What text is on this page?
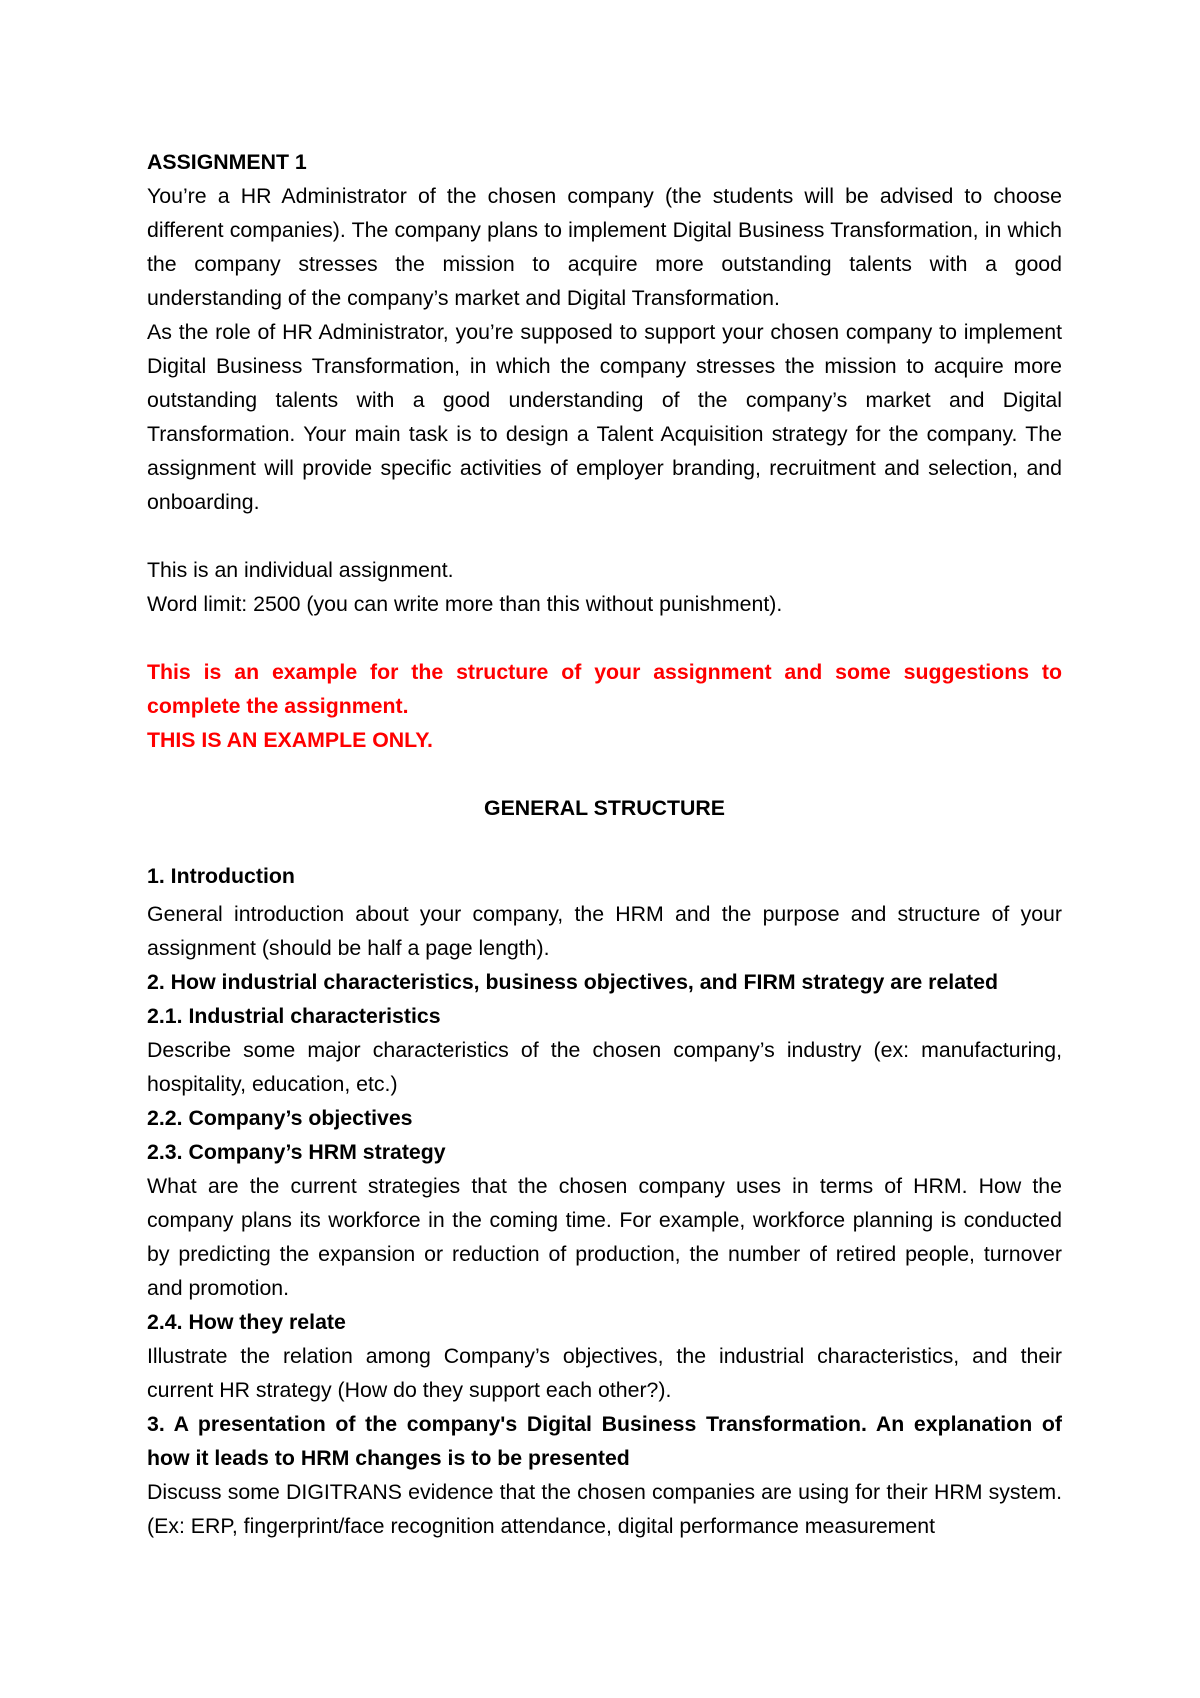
ASSIGNMENT 1

You’re a HR Administrator of the chosen company (the students will be advised to choose different companies). The company plans to implement Digital Business Transformation, in which the company stresses the mission to acquire more outstanding talents with a good understanding of the company’s market and Digital Transformation.

As the role of HR Administrator, you’re supposed to support your chosen company to implement Digital Business Transformation, in which the company stresses the mission to acquire more outstanding talents with a good understanding of the company’s market and Digital Transformation. Your main task is to design a Talent Acquisition strategy for the company. The assignment will provide specific activities of employer branding, recruitment and selection, and onboarding.

This is an individual assignment.

Word limit: 2500 (you can write more than this without punishment).

This is an example for the structure of your assignment and some suggestions to complete the assignment.

THIS IS AN EXAMPLE ONLY.

GENERAL STRUCTURE

1. Introduction

General introduction about your company, the HRM and the purpose and structure of your assignment (should be half a page length).

2. How industrial characteristics, business objectives, and FIRM strategy are related

2.1. Industrial characteristics

Describe some major characteristics of the chosen company’s industry (ex: manufacturing, hospitality, education, etc.)

2.2. Company’s objectives

2.3. Company’s HRM strategy

What are the current strategies that the chosen company uses in terms of HRM. How the company plans its workforce in the coming time. For example, workforce planning is conducted by predicting the expansion or reduction of production, the number of retired people, turnover and promotion.

2.4. How they relate

Illustrate the relation among Company’s objectives, the industrial characteristics, and their current HR strategy (How do they support each other?).

3. A presentation of the company's Digital Business Transformation. An explanation of how it leads to HRM changes is to be presented

Discuss some DIGITRANS evidence that the chosen companies are using for their HRM system. (Ex: ERP, fingerprint/face recognition attendance, digital performance measurement
